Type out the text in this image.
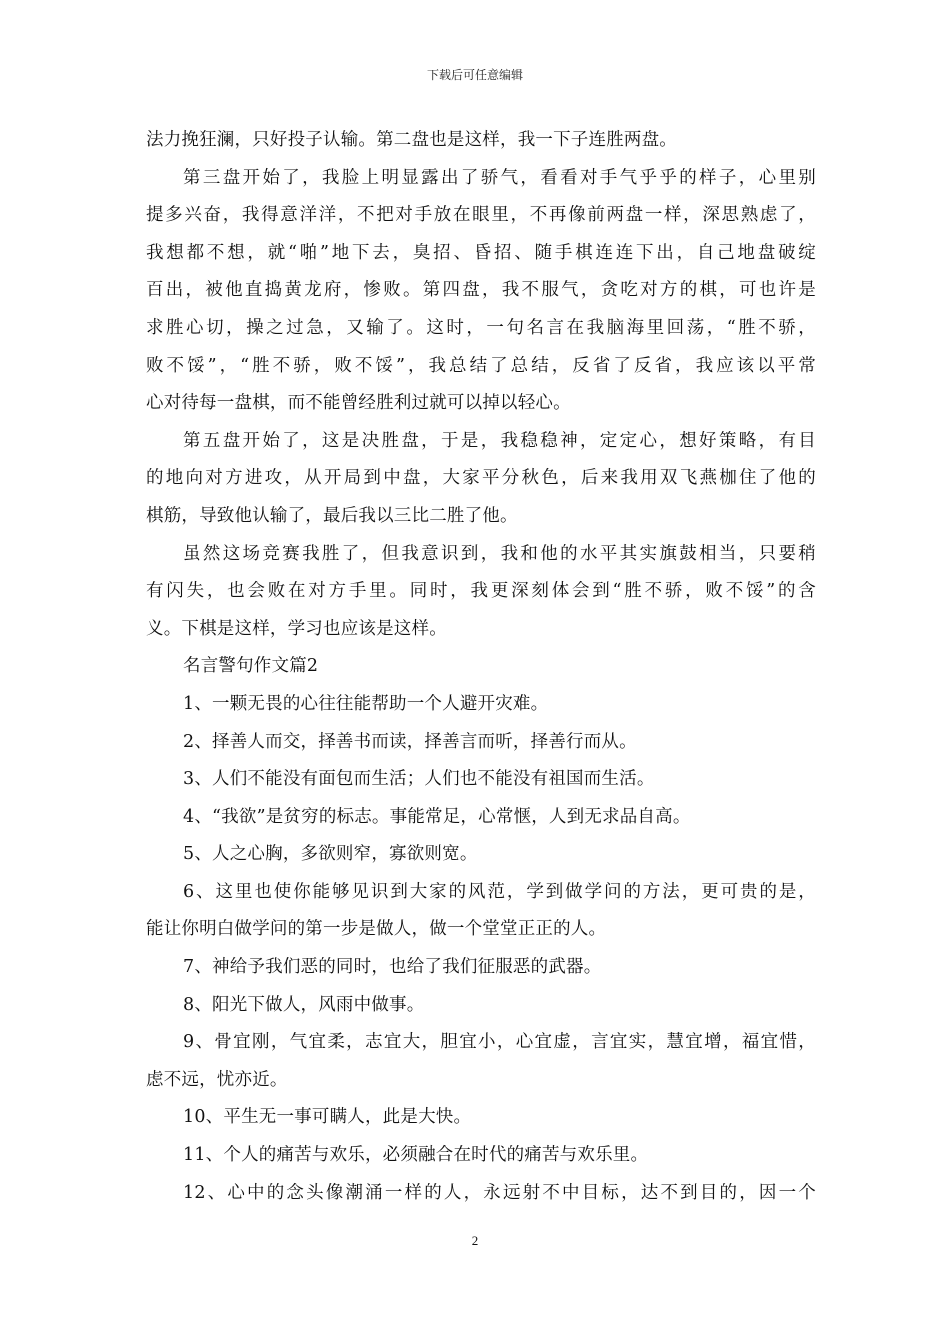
下载后可任意编辑
法力挽狂澜，只好投子认输。第二盘也是这样，我一下子连胜两盘。
第三盘开始了，我脸上明显露出了骄气，看看对手气乎乎的样子，心里别
提多兴奋，我得意洋洋，不把对手放在眼里，不再像前两盘一样，深思熟虑了，
我想都不想，就“啪”地下去，臭招、昏招、随手棋连连下出，自己地盘破绽
百出，被他直捣黄龙府，惨败。第四盘，我不服气，贪吃对方的棋，可也许是
求胜心切，操之过急，又输了。这时，一句名言在我脑海里回荡，“胜不骄，
败不馁”，“胜不骄，败不馁”，我总结了总结，反省了反省，我应该以平常
心对待每一盘棋，而不能曾经胜利过就可以掉以轻心。
第五盘开始了，这是决胜盘，于是，我稳稳神，定定心，想好策略，有目
的地向对方进攻，从开局到中盘，大家平分秋色，后来我用双飞燕枷住了他的
棋筋，导致他认输了，最后我以三比二胜了他。
虽然这场竞赛我胜了，但我意识到，我和他的水平其实旗鼓相当，只要稍
有闪失，也会败在对方手里。同时，我更深刻体会到“胜不骄，败不馁”的含
义。下棋是这样，学习也应该是这样。
名言警句作文篇2
1、一颗无畏的心往往能帮助一个人避开灾难。
2、择善人而交，择善书而读，择善言而听，择善行而从。
3、人们不能没有面包而生活；人们也不能没有祖国而生活。
4、“我欲”是贫穷的标志。事能常足，心常惬，人到无求品自高。
5、人之心胸，多欲则窄，寡欲则宽。
6、这里也使你能够见识到大家的风范，学到做学问的方法，更可贵的是，
能让你明白做学问的第一步是做人，做一个堂堂正正的人。
7、神给予我们恶的同时，也给了我们征服恶的武器。
8、阳光下做人，风雨中做事。
9、骨宜刚，气宜柔，志宜大，胆宜小，心宜虚，言宜实，慧宜增，福宜惜，
虑不远，忧亦近。
10、平生无一事可瞒人，此是大快。
11、个人的痛苦与欢乐，必须融合在时代的痛苦与欢乐里。
12、心中的念头像潮涌一样的人，永远射不中目标，达不到目的，因一个
2
